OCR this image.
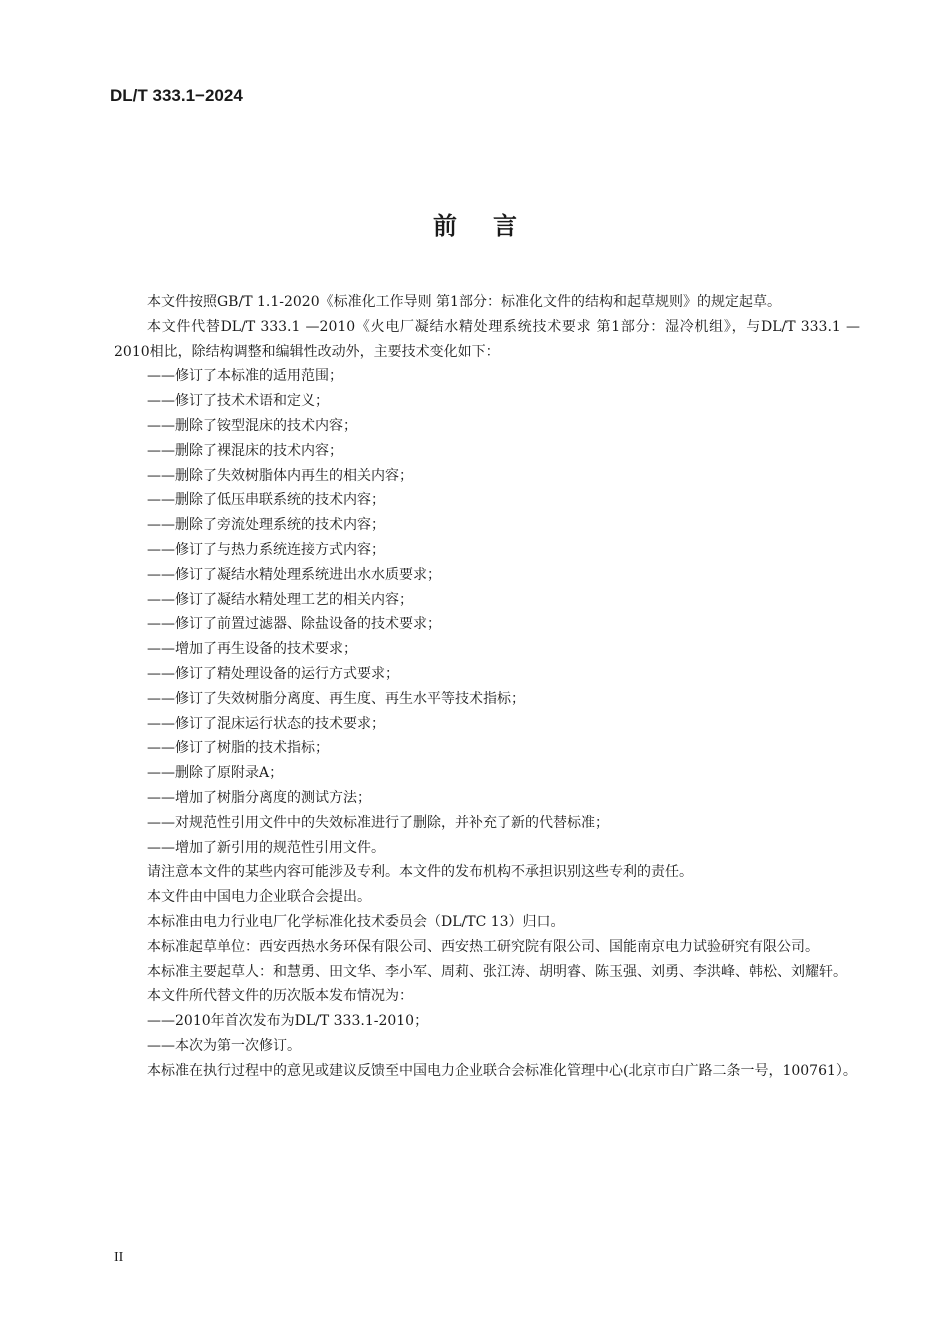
DL/T 333.1−2024
前言

本文件按照GB/T 1.1-2020《标准化工作导则 第1部分：标准化文件的结构和起草规则》的规定起草。

本文件代替DL/T 333.1 —2010《火电厂凝结水精处理系统技术要求 第1部分：湿冷机组》，与DL/T 333.1 —2010相比，除结构调整和编辑性改动外，主要技术变化如下：

——修订了本标准的适用范围；

——修订了技术术语和定义；

——删除了铵型混床的技术内容；

——删除了裸混床的技术内容；

——删除了失效树脂体内再生的相关内容；

——删除了低压串联系统的技术内容；

——删除了旁流处理系统的技术内容；

——修订了与热力系统连接方式内容；

——修订了凝结水精处理系统进出水水质要求；

——修订了凝结水精处理工艺的相关内容；

——修订了前置过滤器、除盐设备的技术要求；

——增加了再生设备的技术要求；

——修订了精处理设备的运行方式要求；

——修订了失效树脂分离度、再生度、再生水平等技术指标；

——修订了混床运行状态的技术要求；

——修订了树脂的技术指标；

——删除了原附录A；

——增加了树脂分离度的测试方法；

——对规范性引用文件中的失效标准进行了删除，并补充了新的代替标准；

——增加了新引用的规范性引用文件。

请注意本文件的某些内容可能涉及专利。本文件的发布机构不承担识别这些专利的责任。

本文件由中国电力企业联合会提出。

本标准由电力行业电厂化学标准化技术委员会（DL/TC 13）归口。

本标准起草单位：西安西热水务环保有限公司、西安热工研究院有限公司、国能南京电力试验研究有限公司。

本标准主要起草人：和慧勇、田文华、李小军、周莉、张江涛、胡明睿、陈玉强、刘勇、李洪峰、韩松、刘耀轩。

本文件所代替文件的历次版本发布情况为：

——2010年首次发布为DL/T 333.1-2010；

——本次为第一次修订。

本标准在执行过程中的意见或建议反馈至中国电力企业联合会标准化管理中心(北京市白广路二条一号，100761）。

II
